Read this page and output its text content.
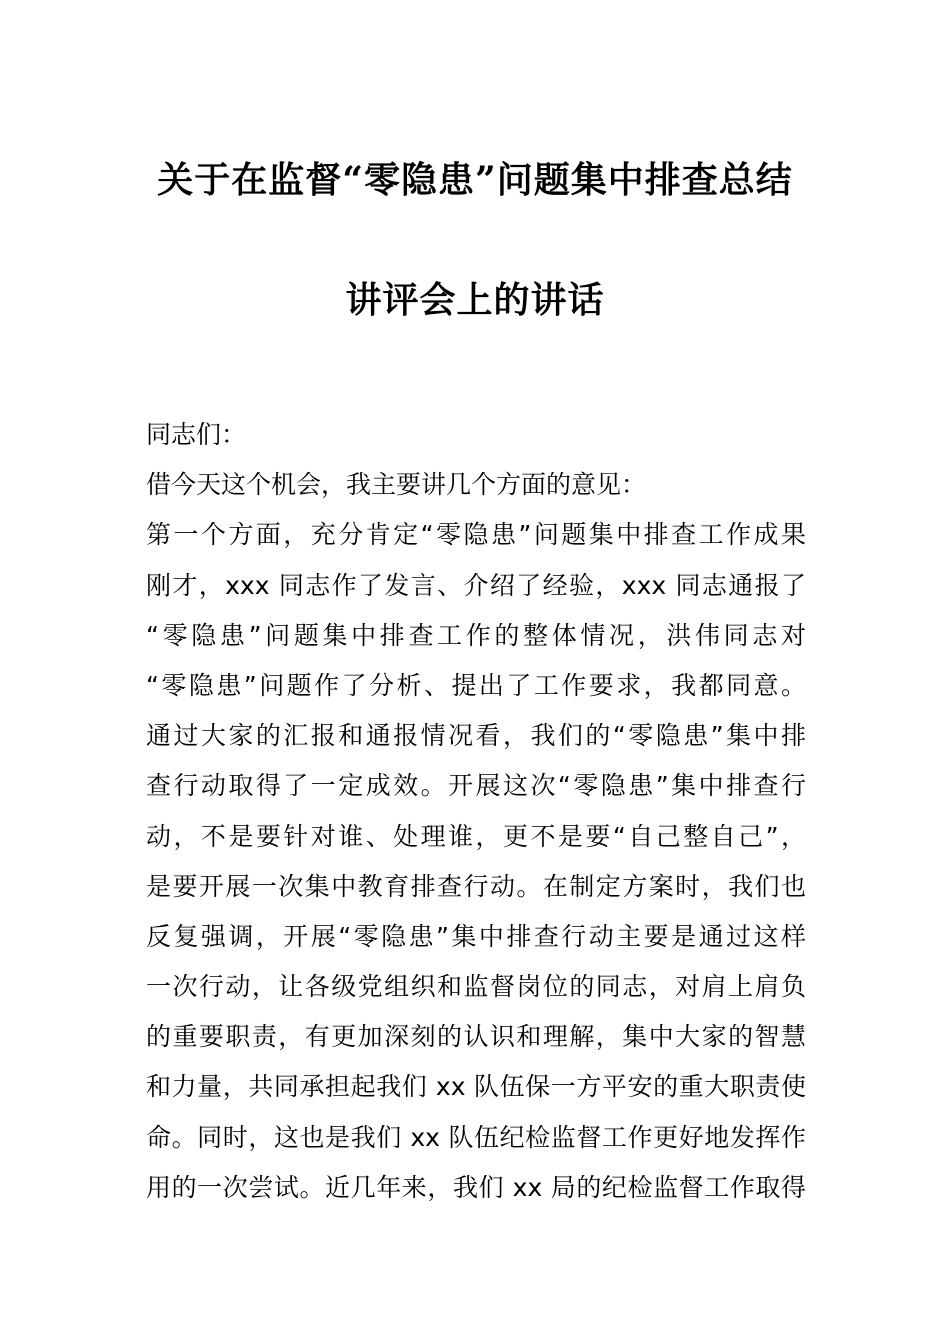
关于在监督“零隐患”问题集中排查总结
讲评会上的讲话
同志们：
借今天这个机会，我主要讲几个方面的意见：
第一个方面，充分肯定“零隐患”问题集中排查工作成果
刚才，xxx 同志作了发言、介绍了经验，xxx 同志通报了
“零隐患”问题集中排查工作的整体情况，洪伟同志对
“零隐患”问题作了分析、提出了工作要求，我都同意。
通过大家的汇报和通报情况看，我们的“零隐患”集中排
查行动取得了一定成效。开展这次“零隐患”集中排查行
动，不是要针对谁、处理谁，更不是要“自己整自己”，
是要开展一次集中教育排查行动。在制定方案时，我们也
反复强调，开展“零隐患”集中排查行动主要是通过这样
一次行动，让各级党组织和监督岗位的同志，对肩上肩负
的重要职责，有更加深刻的认识和理解，集中大家的智慧
和力量，共同承担起我们 xx 队伍保一方平安的重大职责使
命。同时，这也是我们 xx 队伍纪检监督工作更好地发挥作
用的一次尝试。近几年来，我们 xx 局的纪检监督工作取得
